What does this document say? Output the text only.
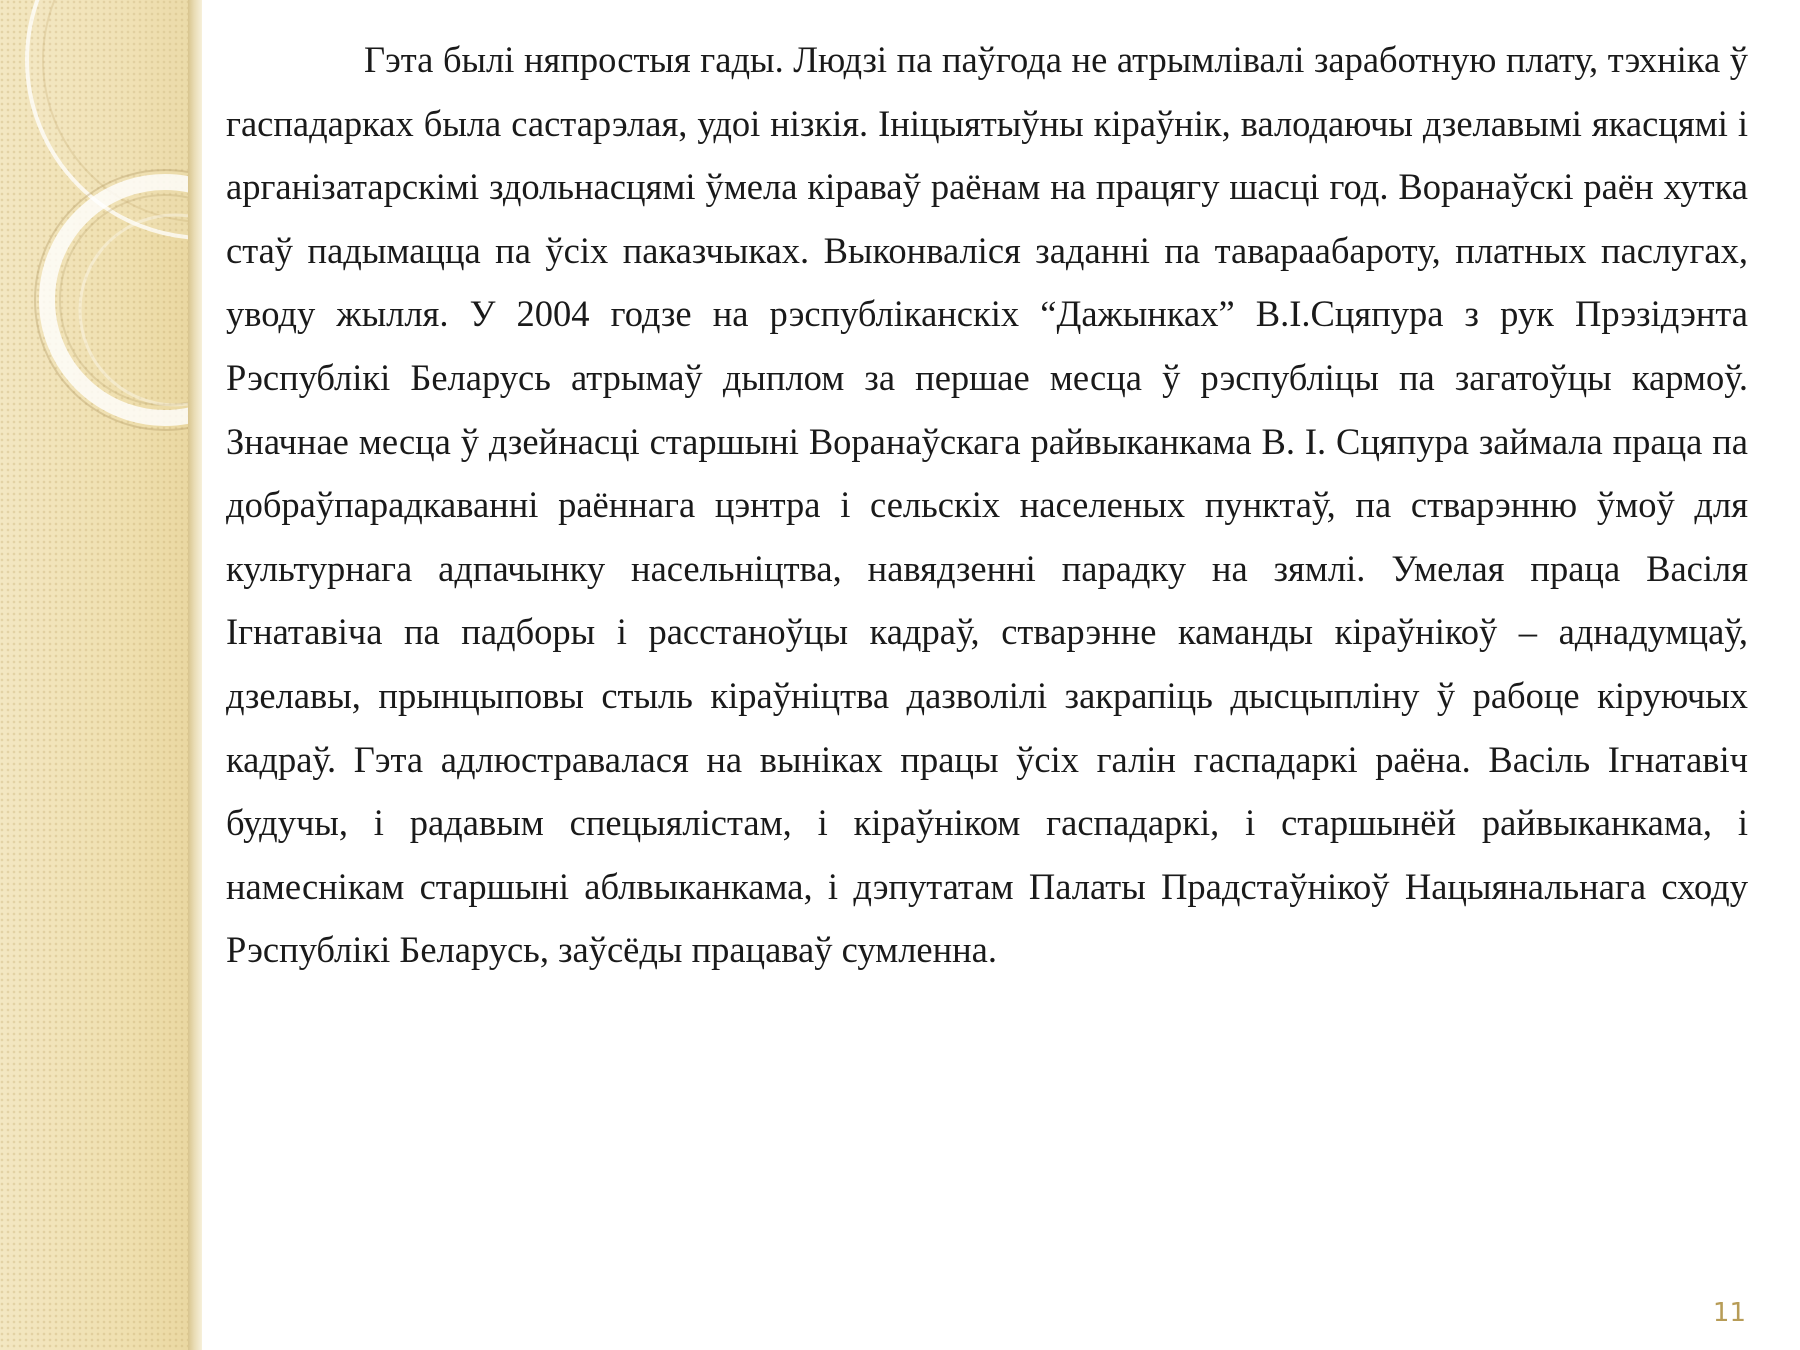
Гэта былі няпростыя гады. Людзі па паўгода не атрымлівалі заработную плату, тэхніка ў гаспадарках была састарэлая, удоі нізкія. Ініцыятыўны кіраўнік, валодаючы дзелавымі якасцямі і арганізатарскімі здольнасцямі ўмела кіраваў раёнам на працягу шасці год. Воранаўскі раён хутка стаў падымацца па ўсіх паказчыках. Выконваліся заданні па тавараабароту, платных паслугах, уводу жылля. У 2004 годзе на рэспубліканскіх “Дажынках” В.І.Сцяпура з рук Прэзідэнта Рэспублікі Беларусь атрымаў дыплом за першае месца ў рэспубліцы па загатоўцы кармоў. Значнае месца ў дзейнасці старшыні Воранаўскага райвыканкама В. І. Сцяпура займала праца па добраўпарадкаванні раённага цэнтра і сельскіх населеных пунктаў, па стварэнню ўмоў для культурнага адпачынку насельніцтва, навядзенні парадку на зямлі. Умелая праца Васіля Ігнатавіча па падборы і расстаноўцы кадраў, стварэнне каманды кіраўнікоў – аднадумцаў, дзелавы, прынцыповы стыль кіраўніцтва дазволілі закрапіць дысцыпліну ў рабоце кіруючых кадраў. Гэта адлюстравалася на выніках працы ўсіх галін гаспадаркі раёна. Васіль Ігнатавіч будучы, і радавым спецыялістам, і кіраўніком гаспадаркі, і старшынёй райвыканкама, і намеснікам старшыні аблвыканкама, і дэпутатам Палаты Прадстаўнікоў Нацыянальнага сходу Рэспублікі Беларусь, заўсёды працаваў сумленна.

11
